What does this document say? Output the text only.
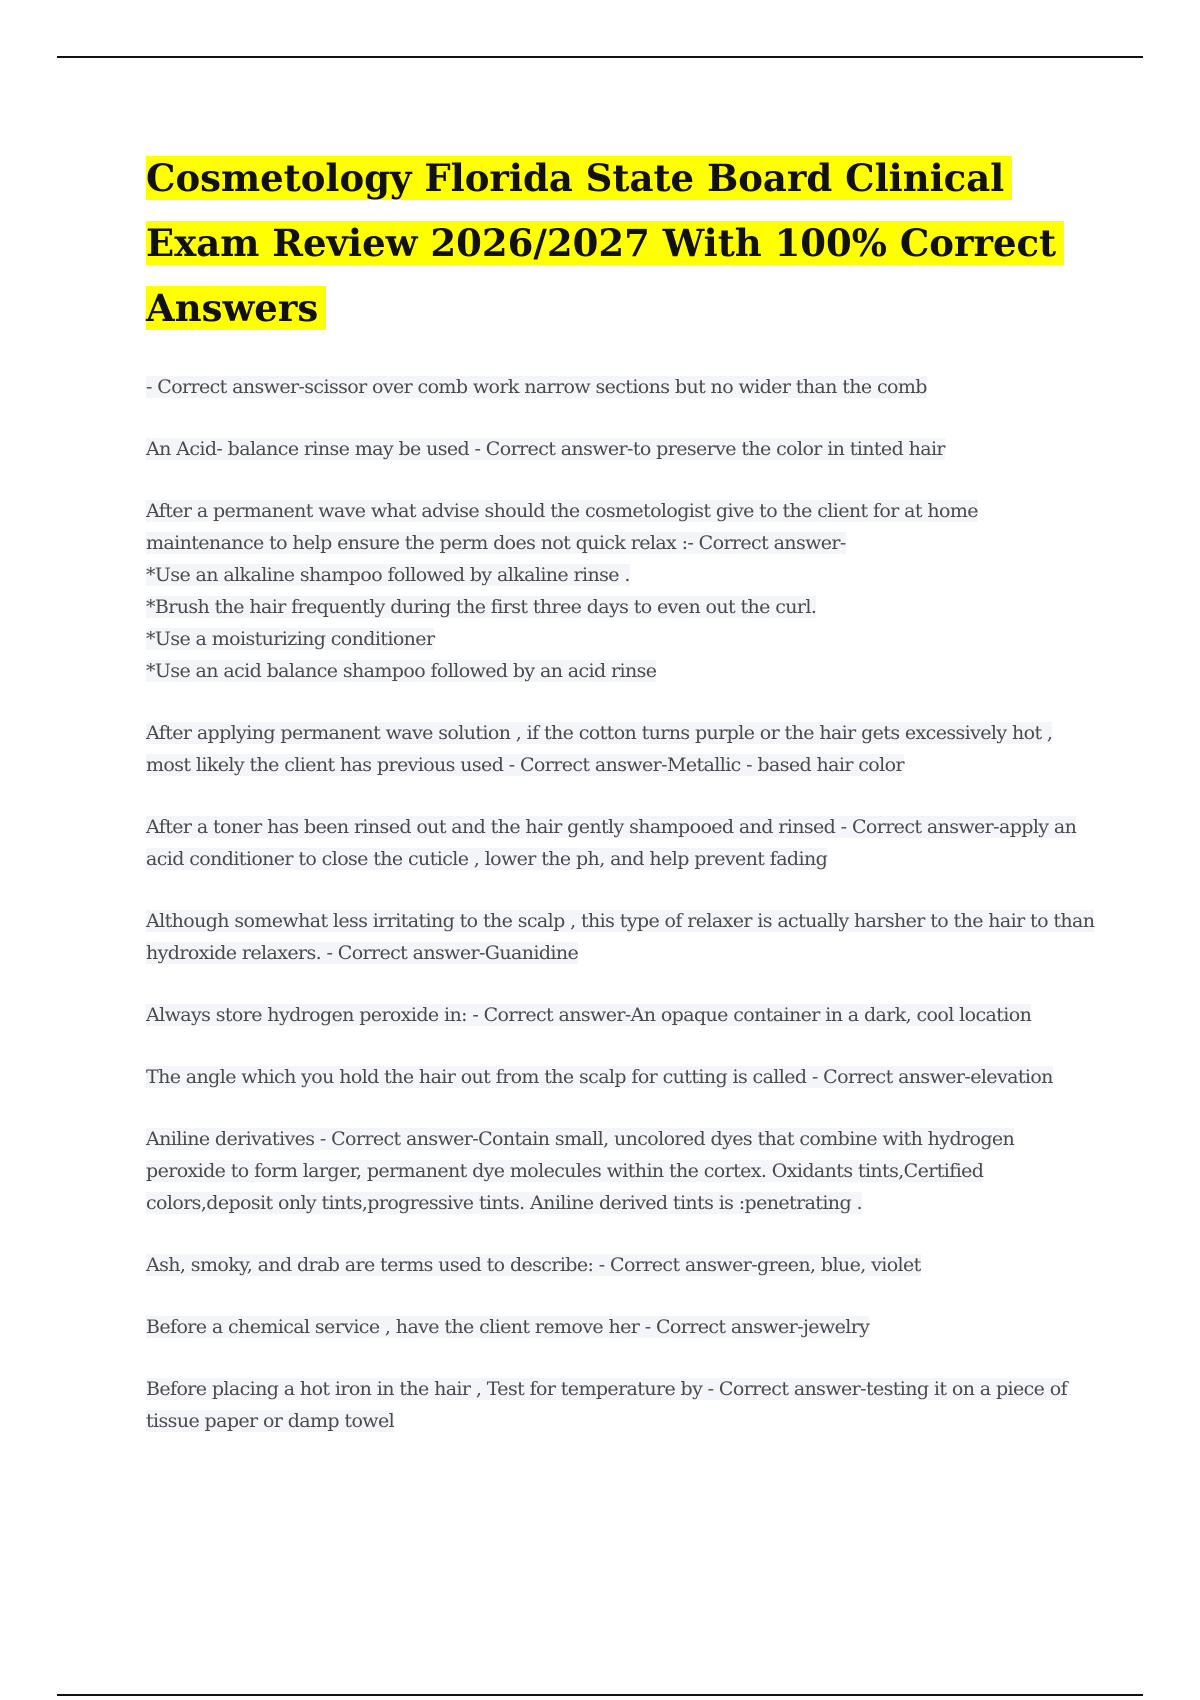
Cosmetology Florida State Board Clinical Exam Review 2026/2027 With 100% Correct Answers

- Correct answer-scissor over comb work narrow sections but no wider than the comb

An Acid- balance rinse may be used - Correct answer-to preserve the color in tinted hair

After a permanent wave what advise should the cosmetologist give to the client for at home maintenance to help ensure the perm does not quick relax :- Correct answer-
*Use an alkaline shampoo followed by alkaline rinse .
*Brush the hair frequently during the first three days to even out the curl.
*Use a moisturizing conditioner
*Use an acid balance shampoo followed by an acid rinse

After applying permanent wave solution , if the cotton turns purple or the hair gets excessively hot , most likely the client has previous used - Correct answer-Metallic - based hair color

After a toner has been rinsed out and the hair gently shampooed and rinsed - Correct answer-apply an acid conditioner to close the cuticle , lower the ph, and help prevent fading

Although somewhat less irritating to the scalp , this type of relaxer is actually harsher to the hair to than hydroxide relaxers. - Correct answer-Guanidine

Always store hydrogen peroxide in: - Correct answer-An opaque container in a dark, cool location

The angle which you hold the hair out from the scalp for cutting is called - Correct answer-elevation

Aniline derivatives - Correct answer-Contain small, uncolored dyes that combine with hydrogen peroxide to form larger, permanent dye molecules within the cortex. Oxidants tints,Certified colors,deposit only tints,progressive tints. Aniline derived tints is :penetrating .

Ash, smoky, and drab are terms used to describe: - Correct answer-green, blue, violet

Before a chemical service , have the client remove her - Correct answer-jewelry

Before placing a hot iron in the hair , Test for temperature by - Correct answer-testing it on a piece of tissue paper or damp towel
